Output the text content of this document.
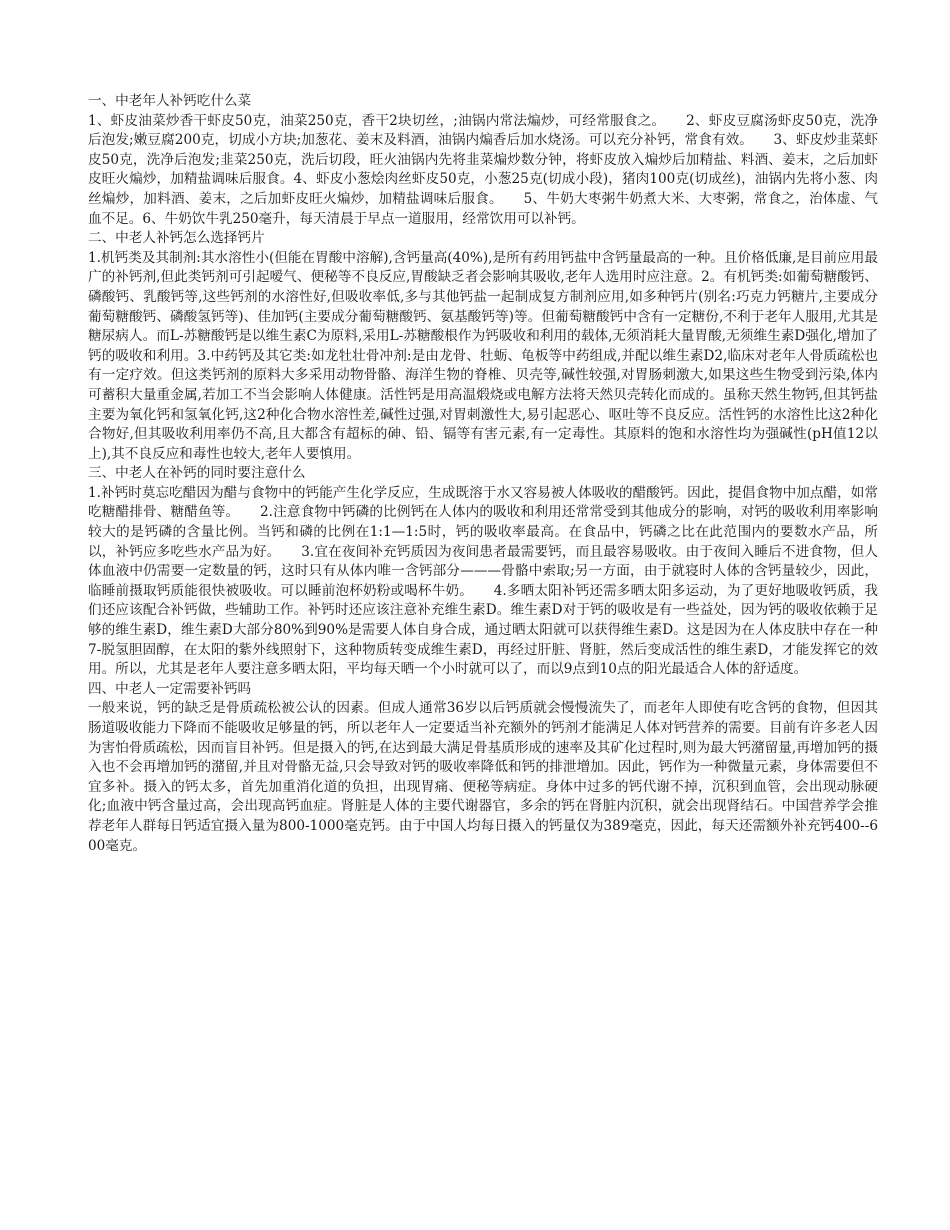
一、中老年人补钙吃什么菜

1、虾皮油菜炒香干虾皮50克，油菜250克，香干2块切丝，;油锅内常法煸炒，可经常服食之。　　2、虾皮豆腐汤虾皮50克，洗净后泡发;嫩豆腐200克，切成小方块;加葱花、姜末及料酒，油锅内煸香后加水烧汤。可以充分补钙，常食有效。　　3、虾皮炒韭菜虾皮50克，洗净后泡发;韭菜250克，洗后切段，旺火油锅内先将韭菜煸炒数分钟，将虾皮放入煸炒后加精盐、料酒、姜末，之后加虾皮旺火煸炒，加精盐调味后服食。4、虾皮小葱烩肉丝虾皮50克，小葱25克(切成小段)，猪肉100克(切成丝)，油锅内先将小葱、肉丝煸炒，加料酒、姜末，之后加虾皮旺火煸炒，加精盐调味后服食。　　5、牛奶大枣粥牛奶煮大米、大枣粥，常食之，治体虚、气血不足。6、牛奶饮牛乳250毫升，每天清晨于早点一道服用，经常饮用可以补钙。

二、中老人补钙怎么选择钙片

1.机钙类及其制剂:其水溶性小(但能在胃酸中溶解),含钙量高(40%),是所有药用钙盐中含钙量最高的一种。且价格低廉,是目前应用最广的补钙剂,但此类钙剂可引起嗳气、便秘等不良反应,胃酸缺乏者会影响其吸收,老年人选用时应注意。2。有机钙类:如葡萄糖酸钙、磷酸钙、乳酸钙等,这些钙剂的水溶性好,但吸收率低,多与其他钙盐一起制成复方制剂应用,如多种钙片(别名:巧克力钙糖片,主要成分葡萄糖酸钙、磷酸氢钙等)、佳加钙(主要成分葡萄糖酸钙、氨基酸钙等)等。但葡萄糖酸钙中含有一定糖份,不利于老年人服用,尤其是糖尿病人。而L-苏糖酸钙是以维生素C为原料,采用L-苏糖酸根作为钙吸收和利用的载体,无须消耗大量胃酸,无须维生素D强化,增加了钙的吸收和利用。3.中药钙及其它类:如龙牡壮骨冲剂:是由龙骨、牡蛎、龟板等中药组成,并配以维生素D2,临床对老年人骨质疏松也有一定疗效。但这类钙剂的原料大多采用动物骨骼、海洋生物的脊椎、贝壳等,碱性较强,对胃肠刺激大,如果这些生物受到污染,体内可蓄积大量重金属,若加工不当会影响人体健康。活性钙是用高温煅烧或电解方法将天然贝壳转化而成的。虽称天然生物钙,但其钙盐主要为氧化钙和氢氧化钙,这2种化合物水溶性差,碱性过强,对胃刺激性大,易引起恶心、呕吐等不良反应。活性钙的水溶性比这2种化合物好,但其吸收利用率仍不高,且大都含有超标的砷、铅、镉等有害元素,有一定毒性。其原料的饱和水溶性均为强碱性(pH值12以上),其不良反应和毒性也较大,老年人要慎用。

三、中老人在补钙的同时要注意什么

1.补钙时莫忘吃醋因为醋与食物中的钙能产生化学反应，生成既溶于水又容易被人体吸收的醋酸钙。因此，提倡食物中加点醋，如常吃糖醋排骨、糖醋鱼等。　　2.注意食物中钙磷的比例钙在人体内的吸收和利用还常常受到其他成分的影响，对钙的吸收利用率影响较大的是钙磷的含量比例。当钙和磷的比例在1:1—1:5时，钙的吸收率最高。在食品中，钙磷之比在此范围内的要数水产品，所以，补钙应多吃些水产品为好。　　3.宜在夜间补充钙质因为夜间患者最需要钙，而且最容易吸收。由于夜间入睡后不进食物，但人体血液中仍需要一定数量的钙，这时只有从体内唯一含钙部分———骨骼中索取;另一方面，由于就寝时人体的含钙量较少，因此，临睡前摄取钙质能很快被吸收。可以睡前泡杯奶粉或喝杯牛奶。　　4.多晒太阳补钙还需多晒太阳多运动，为了更好地吸收钙质，我们还应该配合补钙做，些辅助工作。补钙时还应该注意补充维生素D。维生素D对于钙的吸收是有一些益处，因为钙的吸收依赖于足够的维生素D，维生素D大部分80%到90%是需要人体自身合成，通过晒太阳就可以获得维生素D。这是因为在人体皮肤中存在一种7-脱氢胆固醇，在太阳的紫外线照射下，这种物质转变成维生素D，再经过肝脏、肾脏，然后变成活性的维生素D，才能发挥它的效用。所以，尤其是老年人要注意多晒太阳，平均每天晒一个小时就可以了，而以9点到10点的阳光最适合人体的舒适度。

四、中老人一定需要补钙吗

一般来说，钙的缺乏是骨质疏松被公认的因素。但成人通常36岁以后钙质就会慢慢流失了，而老年人即使有吃含钙的食物，但因其肠道吸收能力下降而不能吸收足够量的钙，所以老年人一定要适当补充额外的钙剂才能满足人体对钙营养的需要。目前有许多老人因为害怕骨质疏松，因而盲目补钙。但是摄入的钙,在达到最大满足骨基质形成的速率及其矿化过程时,则为最大钙潴留量,再增加钙的摄入也不会再增加钙的潴留,并且对骨骼无益,只会导致对钙的吸收率降低和钙的排泄增加。因此，钙作为一种微量元素，身体需要但不宜多补。摄入的钙太多，首先加重消化道的负担，出现胃痛、便秘等病症。身体中过多的钙代谢不掉，沉积到血管，会出现动脉硬化;血液中钙含量过高，会出现高钙血症。肾脏是人体的主要代谢器官，多余的钙在肾脏内沉积，就会出现肾结石。中国营养学会推荐老年人群每日钙适宜摄入量为800-1000毫克钙。由于中国人均每日摄入的钙量仅为389毫克，因此，每天还需额外补充钙400--600毫克。
